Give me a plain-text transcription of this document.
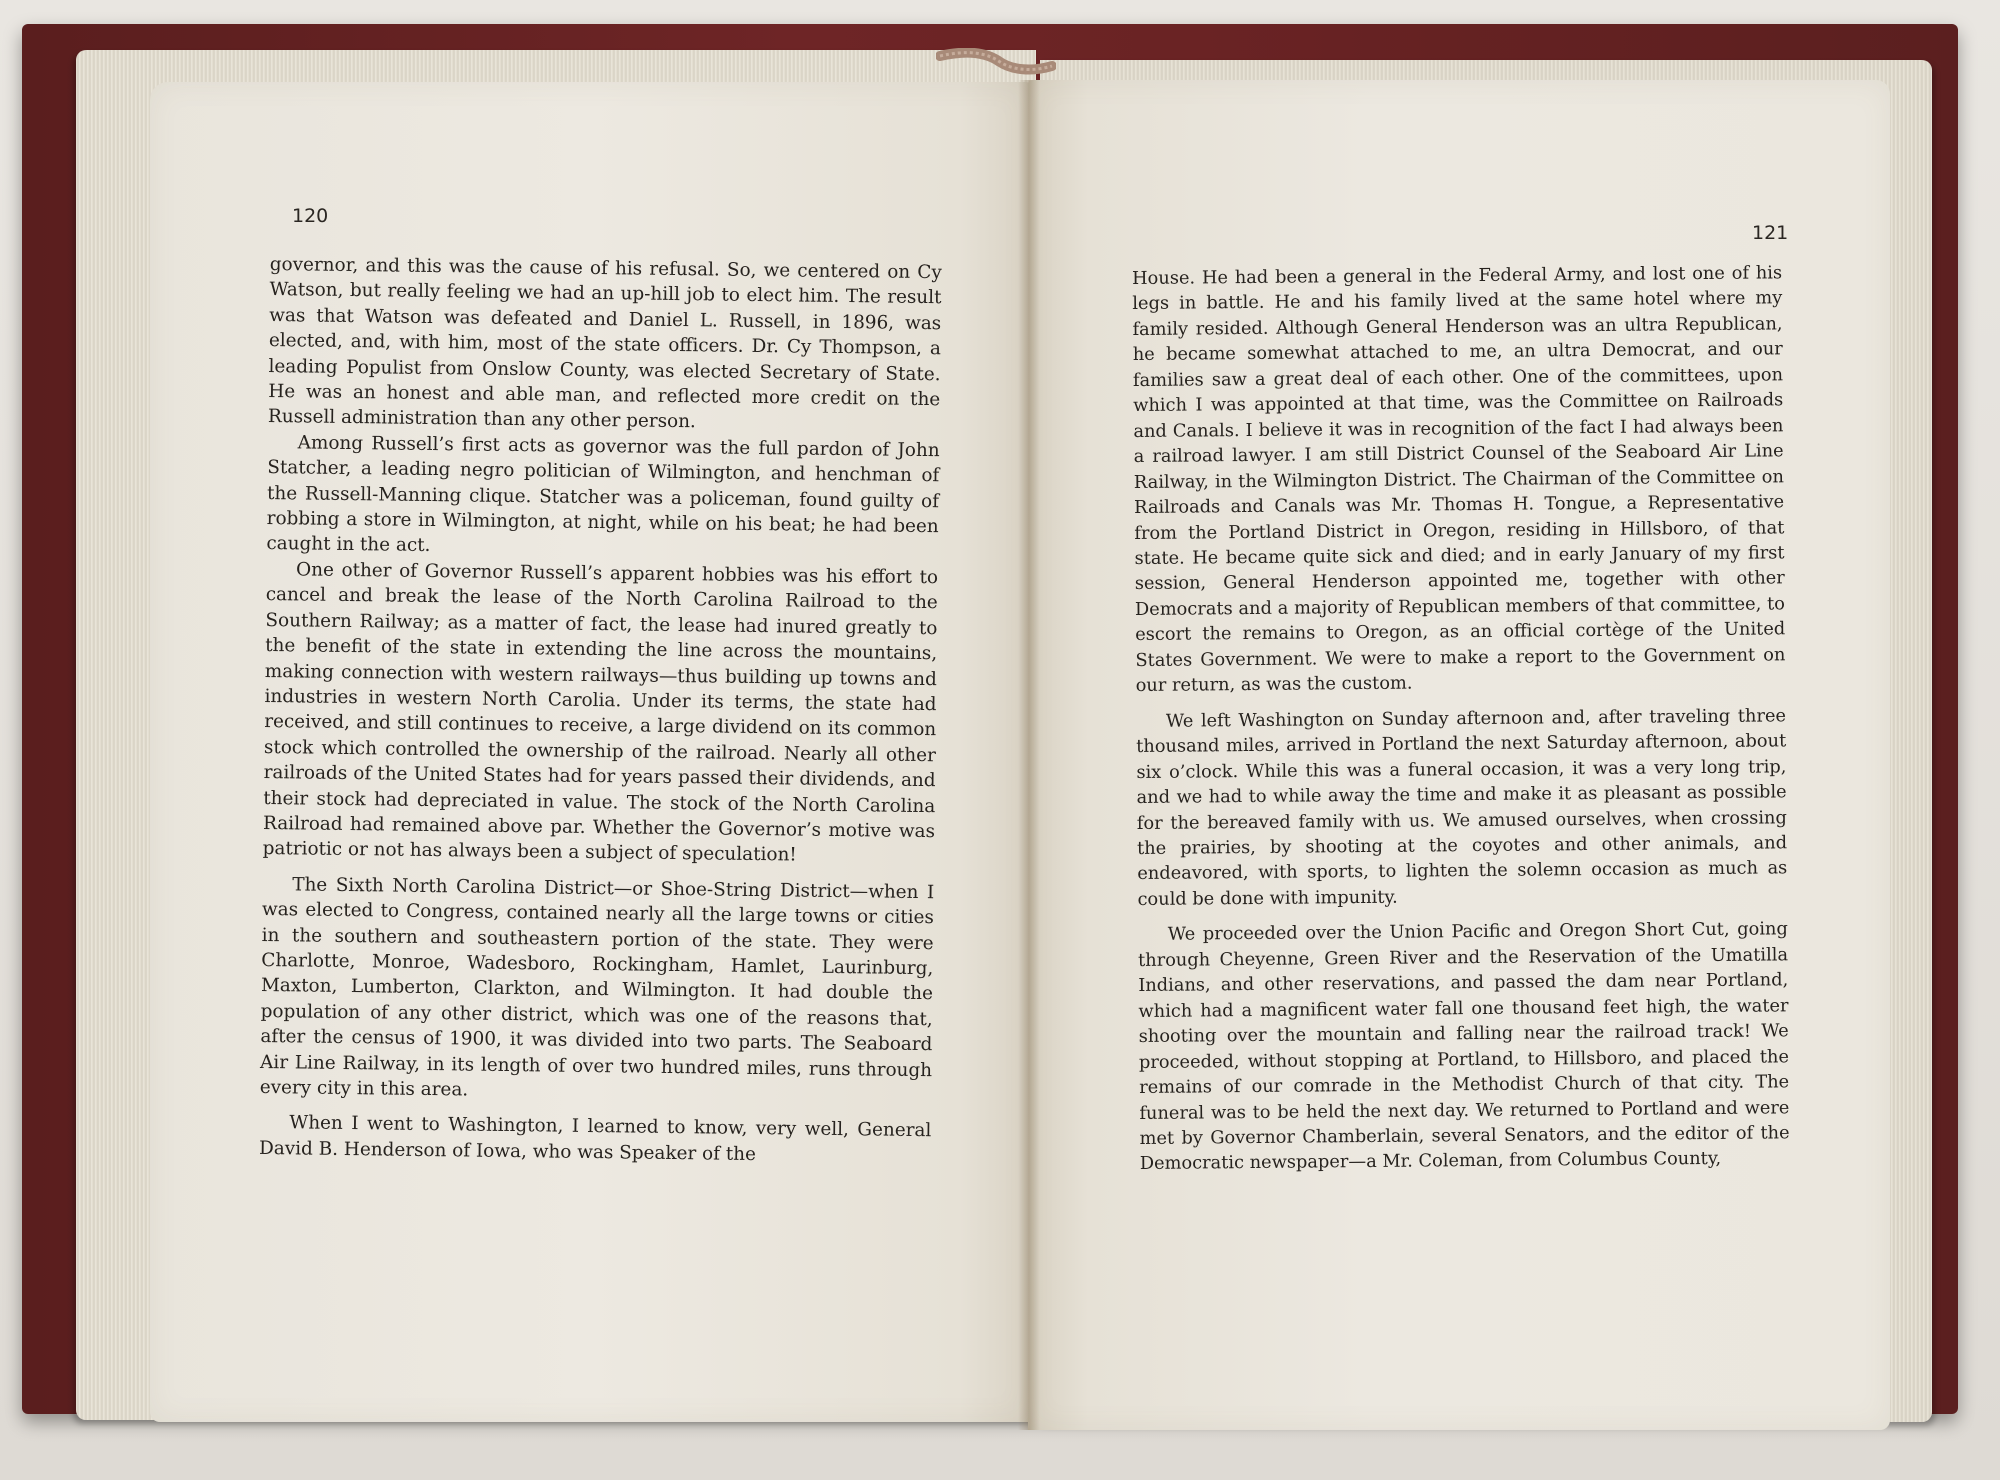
120
121

governor, and this was the cause of his refusal. So, we centered on Cy Watson, but really feeling we had an up-hill job to elect him. The result was that Watson was defeated and Daniel L. Russell, in 1896, was elected, and, with him, most of the state officers. Dr. Cy Thompson, a leading Populist from Onslow County, was elected Secretary of State. He was an honest and able man, and reflected more credit on the Russell administration than any other person.

Among Russell’s first acts as governor was the full pardon of John Statcher, a leading negro politician of Wilmington, and henchman of the Russell-Manning clique. Statcher was a policeman, found guilty of robbing a store in Wilmington, at night, while on his beat; he had been caught in the act.

One other of Governor Russell’s apparent hobbies was his effort to cancel and break the lease of the North Carolina Railroad to the Southern Railway; as a matter of fact, the lease had inured greatly to the benefit of the state in extending the line across the mountains, making connection with western railways—thus building up towns and industries in western North Carolia. Under its terms, the state had received, and still continues to receive, a large dividend on its common stock which controlled the ownership of the railroad. Nearly all other railroads of the United States had for years passed their dividends, and their stock had depreciated in value. The stock of the North Carolina Railroad had remained above par. Whether the Governor’s motive was patriotic or not has always been a subject of speculation!

The Sixth North Carolina District—or Shoe-String District—when I was elected to Congress, contained nearly all the large towns or cities in the southern and southeastern portion of the state. They were Charlotte, Monroe, Wadesboro, Rockingham, Hamlet, Laurinburg, Maxton, Lumberton, Clarkton, and Wilmington. It had double the population of any other district, which was one of the reasons that, after the census of 1900, it was divided into two parts. The Seaboard Air Line Railway, in its length of over two hundred miles, runs through every city in this area.

When I went to Washington, I learned to know, very well, General David B. Henderson of Iowa, who was Speaker of the

House. He had been a general in the Federal Army, and lost one of his legs in battle. He and his family lived at the same hotel where my family resided. Although General Henderson was an ultra Republican, he became somewhat attached to me, an ultra Democrat, and our families saw a great deal of each other. One of the committees, upon which I was appointed at that time, was the Committee on Railroads and Canals. I believe it was in recognition of the fact I had always been a railroad lawyer. I am still District Counsel of the Seaboard Air Line Railway, in the Wilmington District. The Chairman of the Committee on Railroads and Canals was Mr. Thomas H. Tongue, a Representative from the Portland District in Oregon, residing in Hillsboro, of that state. He became quite sick and died; and in early January of my first session, General Henderson appointed me, together with other Democrats and a majority of Republican members of that committee, to escort the remains to Oregon, as an official cortège of the United States Government. We were to make a report to the Government on our return, as was the custom.

We left Washington on Sunday afternoon and, after traveling three thousand miles, arrived in Portland the next Saturday afternoon, about six o’clock. While this was a funeral occasion, it was a very long trip, and we had to while away the time and make it as pleasant as possible for the bereaved family with us. We amused ourselves, when crossing the prairies, by shooting at the coyotes and other animals, and endeavored, with sports, to lighten the solemn occasion as much as could be done with impunity.

We proceeded over the Union Pacific and Oregon Short Cut, going through Cheyenne, Green River and the Reservation of the Umatilla Indians, and other reservations, and passed the dam near Portland, which had a magnificent water fall one thousand feet high, the water shooting over the mountain and falling near the railroad track! We proceeded, without stopping at Portland, to Hillsboro, and placed the remains of our comrade in the Methodist Church of that city. The funeral was to be held the next day. We returned to Portland and were met by Governor Chamberlain, several Senators, and the editor of the Democratic newspaper—a Mr. Coleman, from Columbus County,
